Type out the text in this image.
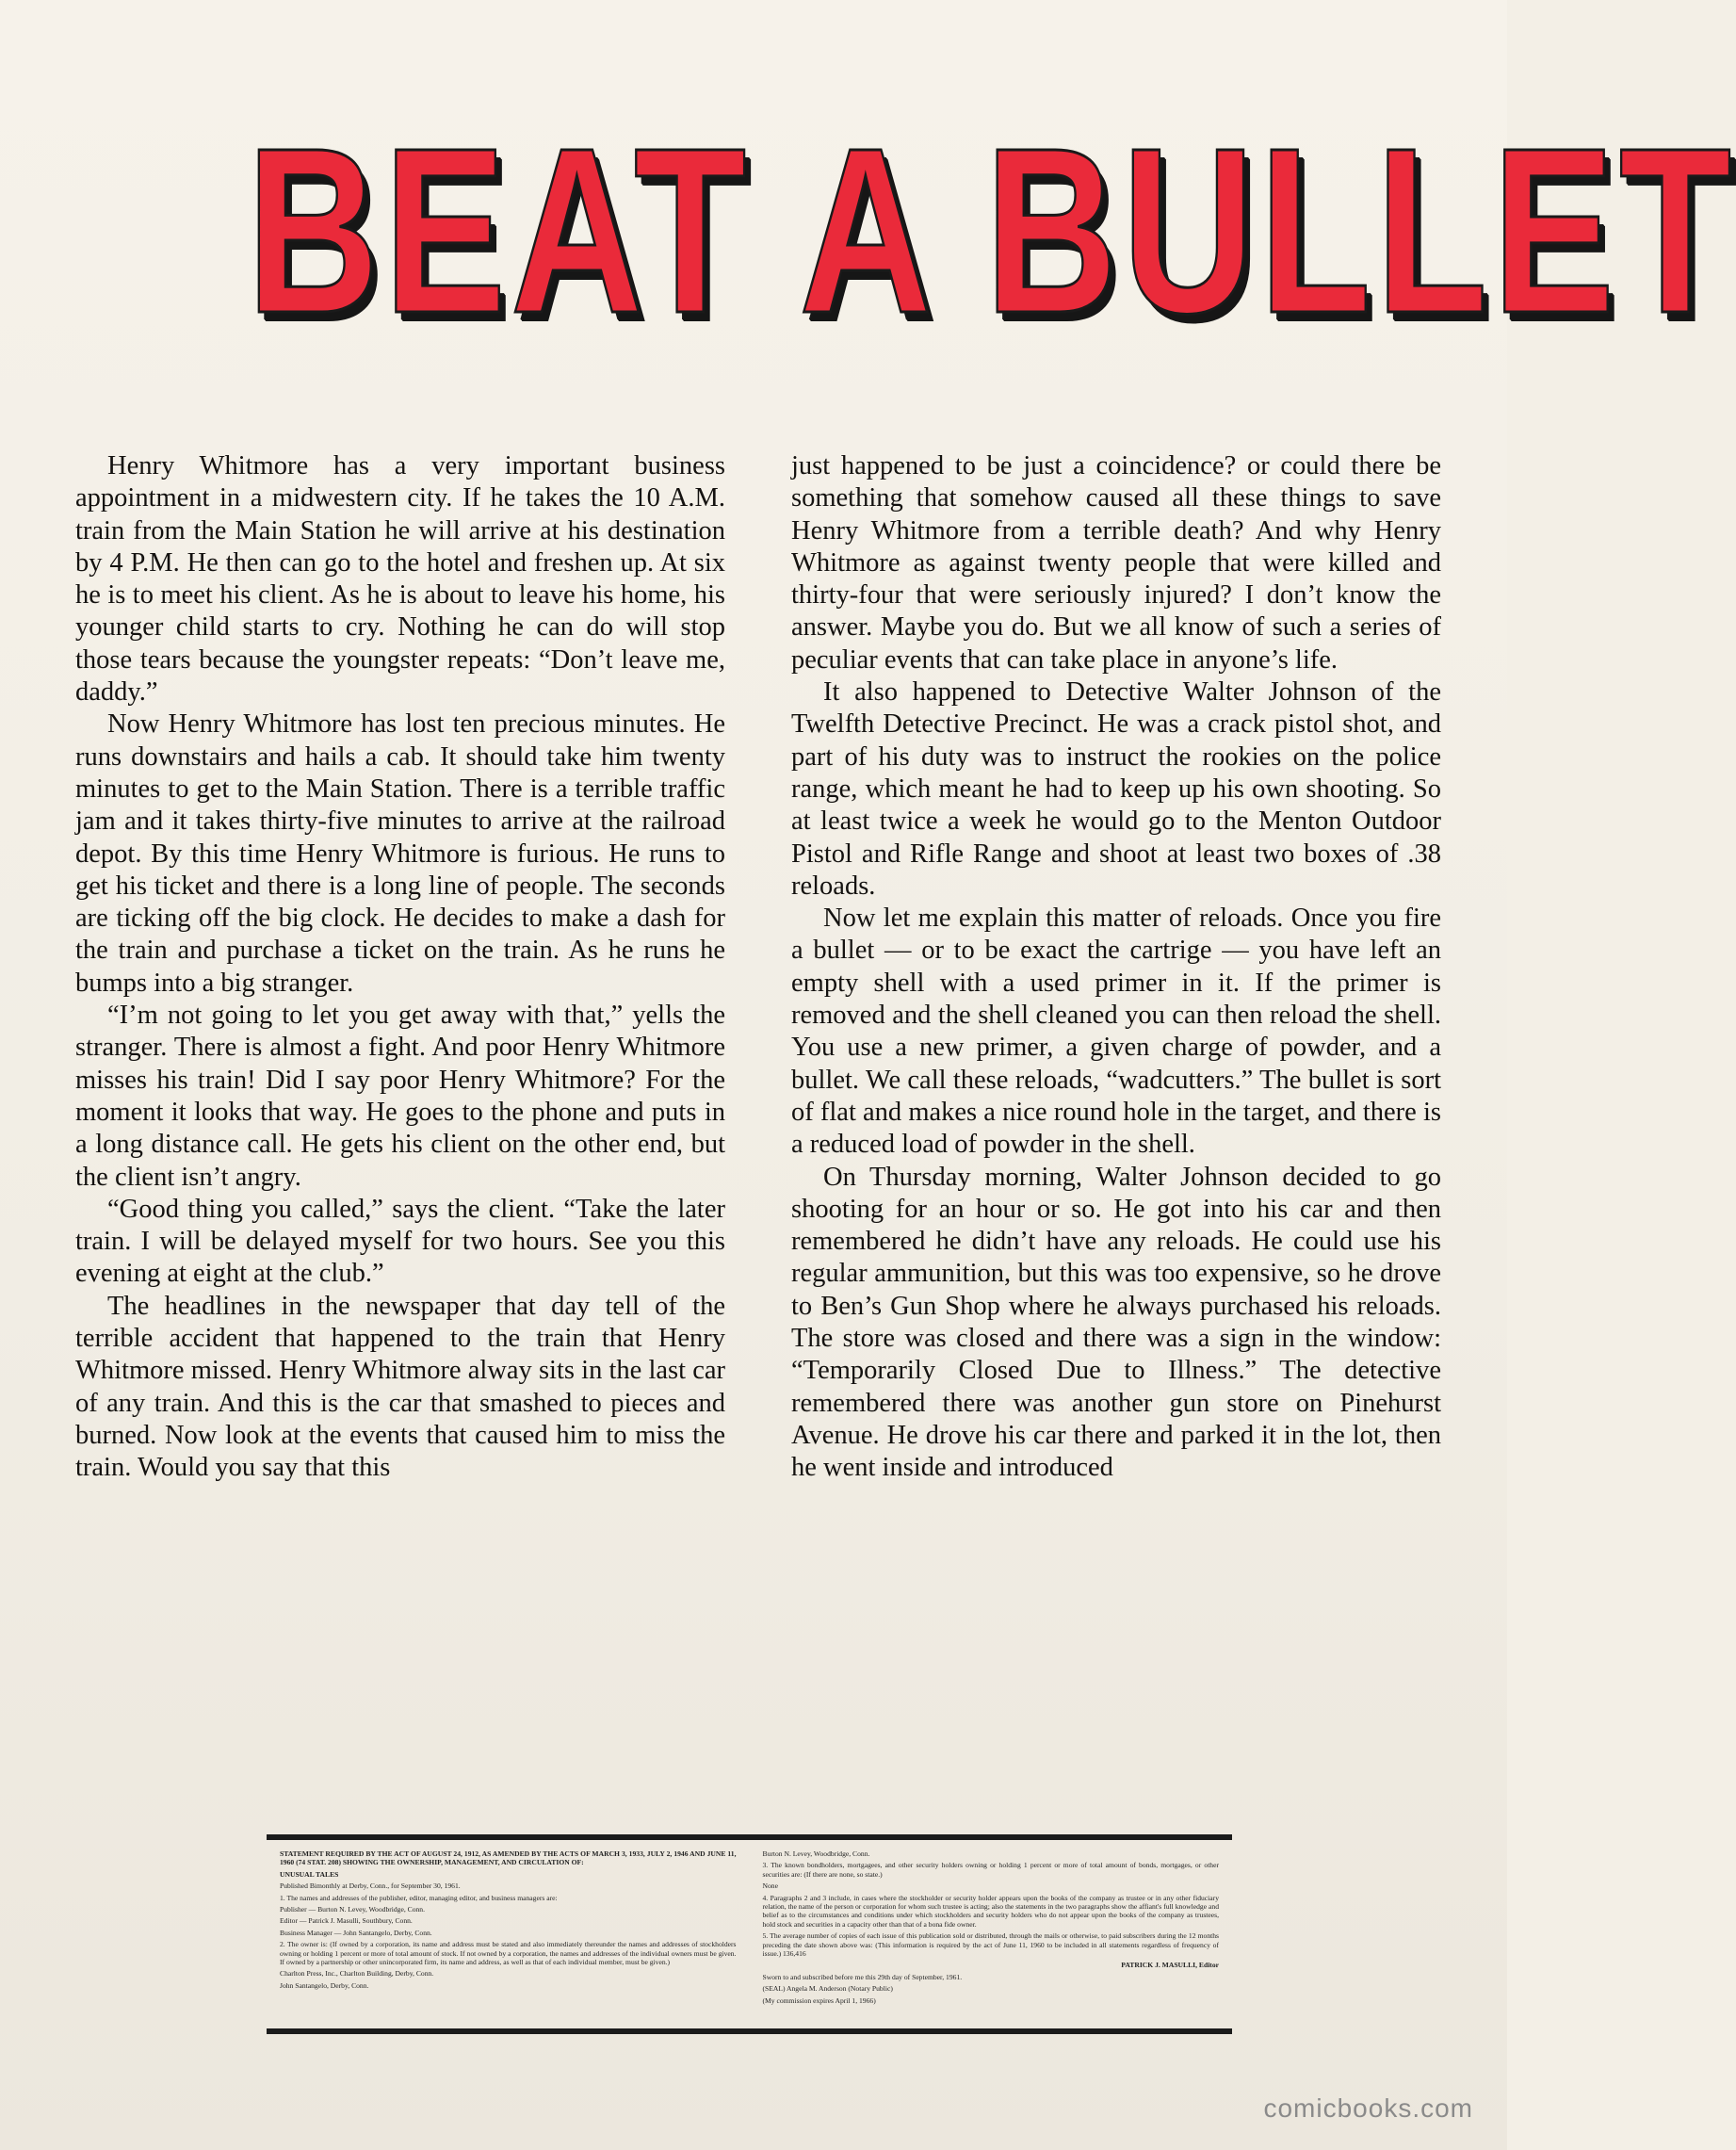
BEAT A BULLET

Henry Whitmore has a very important business appointment in a midwestern city. If he takes the 10 A.M. train from the Main Station he will arrive at his destination by 4 P.M. He then can go to the hotel and freshen up. At six he is to meet his client. As he is about to leave his home, his younger child starts to cry. Nothing he can do will stop those tears because the youngster repeats: “Don’t leave me, daddy.”

Now Henry Whitmore has lost ten precious minutes. He runs downstairs and hails a cab. It should take him twenty minutes to get to the Main Station. There is a terrible traffic jam and it takes thirty-five minutes to arrive at the railroad depot. By this time Henry Whitmore is furious. He runs to get his ticket and there is a long line of people. The seconds are ticking off the big clock. He decides to make a dash for the train and purchase a ticket on the train. As he runs he bumps into a big stranger.

“I’m not going to let you get away with that,” yells the stranger. There is almost a fight. And poor Henry Whitmore misses his train! Did I say poor Henry Whitmore? For the moment it looks that way. He goes to the phone and puts in a long distance call. He gets his client on the other end, but the client isn’t angry.

“Good thing you called,” says the client. “Take the later train. I will be delayed myself for two hours. See you this evening at eight at the club.”

The headlines in the newspaper that day tell of the terrible accident that happened to the train that Henry Whitmore missed. Henry Whitmore alway sits in the last car of any train. And this is the car that smashed to pieces and burned. Now look at the events that caused him to miss the train. Would you say that this

just happened to be just a coincidence? or could there be something that somehow caused all these things to save Henry Whitmore from a terrible death? And why Henry Whitmore as against twenty people that were killed and thirty-four that were seriously injured? I don’t know the answer. Maybe you do. But we all know of such a series of peculiar events that can take place in anyone’s life.

It also happened to Detective Walter Johnson of the Twelfth Detective Precinct. He was a crack pistol shot, and part of his duty was to instruct the rookies on the police range, which meant he had to keep up his own shooting. So at least twice a week he would go to the Menton Outdoor Pistol and Rifle Range and shoot at least two boxes of .38 reloads.

Now let me explain this matter of reloads. Once you fire a bullet — or to be exact the cartrige — you have left an empty shell with a used primer in it. If the primer is removed and the shell cleaned you can then reload the shell. You use a new primer, a given charge of powder, and a bullet. We call these reloads, “wadcutters.” The bullet is sort of flat and makes a nice round hole in the target, and there is a reduced load of powder in the shell.

On Thursday morning, Walter Johnson decided to go shooting for an hour or so. He got into his car and then remembered he didn’t have any reloads. He could use his regular ammunition, but this was too expensive, so he drove to Ben’s Gun Shop where he always purchased his reloads. The store was closed and there was a sign in the window: “Temporarily Closed Due to Illness.” The detective remembered there was another gun store on Pinehurst Avenue. He drove his car there and parked it in the lot, then he went inside and introduced

STATEMENT REQUIRED BY THE ACT OF AUGUST 24, 1912, AS AMENDED BY THE ACTS OF MARCH 3, 1933, JULY 2, 1946 AND JUNE 11, 1960 (74 STAT. 208) SHOWING THE OWNERSHIP, MANAGEMENT, AND CIRCULATION OF:

UNUSUAL TALES

Published Bimonthly at Derby, Conn., for September 30, 1961.

1. The names and addresses of the publisher, editor, managing editor, and business managers are:

Publisher — Burton N. Levey, Woodbridge, Conn.

Editor — Patrick J. Masulli, Southbury, Conn.

Business Manager — John Santangelo, Derby, Conn.

2. The owner is: (If owned by a corporation, its name and address must be stated and also immediately thereunder the names and addresses of stockholders owning or holding 1 percent or more of total amount of stock. If not owned by a corporation, the names and addresses of the individual owners must be given. If owned by a partnership or other unincorporated firm, its name and address, as well as that of each individual member, must be given.)

Charlton Press, Inc., Charlton Building, Derby, Conn.

John Santangelo, Derby, Conn.

Burton N. Levey, Woodbridge, Conn.

3. The known bondholders, mortgagees, and other security holders owning or holding 1 percent or more of total amount of bonds, mortgages, or other securities are: (If there are none, so state.)

None

4. Paragraphs 2 and 3 include, in cases where the stockholder or security holder appears upon the books of the company as trustee or in any other fiduciary relation, the name of the person or corporation for whom such trustee is acting; also the statements in the two paragraphs show the affiant's full knowledge and belief as to the circumstances and conditions under which stockholders and security holders who do not appear upon the books of the company as trustees, hold stock and securities in a capacity other than that of a bona fide owner.

5. The average number of copies of each issue of this publication sold or distributed, through the mails or otherwise, to paid subscribers during the 12 months preceding the date shown above was: (This information is required by the act of June 11, 1960 to be included in all statements regardless of frequency of issue.) 136,416

PATRICK J. MASULLI, Editor

Sworn to and subscribed before me this 29th day of September, 1961.

(SEAL) Angela M. Anderson (Notary Public)

(My commission expires April 1, 1966)

comicbooks.com
